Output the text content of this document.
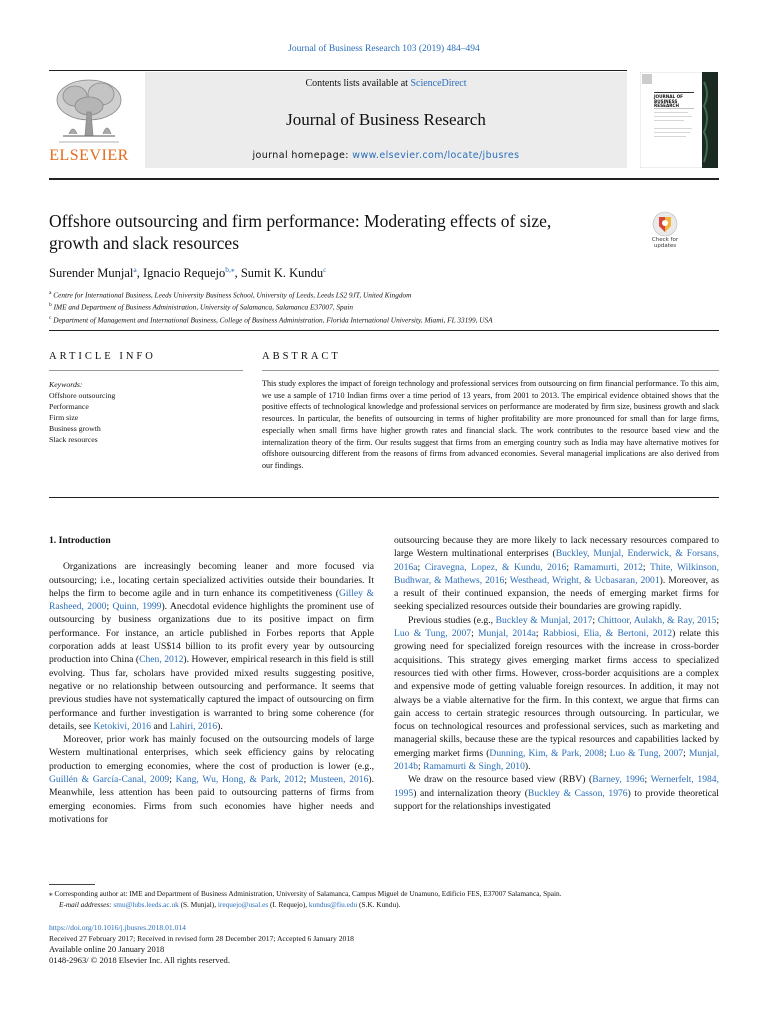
Journal of Business Research 103 (2019) 484–494
ELSEVIER
Contents lists available at ScienceDirect
Journal of Business Research
journal homepage: www.elsevier.com/locate/jbusres
JOURNAL OF BUSINESS RESEARCH
Offshore outsourcing and firm performance: Moderating effects of size,
growth and slack resources	Check for
updates
Surender Munjal$^a$, Ignacio Requejo$^{b,⁎}$, Sumit K. Kundu$^c$
$^a$ Centre for International Business, Leeds University Business School, University of Leeds, Leeds LS2 9JT, United Kingdom
$^b$ IME and Department of Business Administration, University of Salamanca, Salamanca E37007, Spain
$^c$ Department of Management and International Business, College of Business Administration, Florida International University, Miami, FL 33199, USA
ARTICLE INFO	ABSTRACT
Keywords:
Offshore outsourcing
Performance
Firm size
Business growth
Slack resources
This study explores the impact of foreign technology and professional services from outsourcing on firm financial performance. To this aim, we use a sample of 1710 Indian firms over a time period of 13 years, from 2001 to 2013. The empirical evidence obtained shows that the positive effects of technological knowledge and professional services on performance are moderated by firm size, business growth and slack resources. In particular, the benefits of outsourcing in terms of higher profitability are more pronounced for small than for large firms, especially when small firms have higher growth rates and financial slack. The work contributes to the resource based view and the internalization theory of the firm. Our results suggest that firms from an emerging country such as India may have alternative motives for offshore outsourcing different from the reasons of firms from advanced economies. Several managerial implications are also derived from our findings.
1. Introduction

Organizations are increasingly becoming leaner and more focused via outsourcing; i.e., locating certain specialized activities outside their boundaries. It helps the firm to become agile and in turn enhance its competitiveness (Gilley & Rasheed, 2000; Quinn, 1999). Anecdotal evidence highlights the prominent use of outsourcing by business organizations due to its positive impact on firm performance. For instance, an article published in Forbes reports that Apple corporation adds at least US$14 billion to its profit every year by outsourcing production into China (Chen, 2012). However, empirical research in this field is still evolving. Thus far, scholars have provided mixed results suggesting positive, negative or no relationship between outsourcing and performance. It seems that previous studies have not systematically captured the impact of outsourcing on firm performance and further investigation is warranted to bring some coherence (for details, see Ketokivi, 2016 and Lahiri, 2016).

Moreover, prior work has mainly focused on the outsourcing models of large Western multinational enterprises, which seek efficiency gains by relocating production to emerging economies, where the cost of production is lower (e.g., Guillén & García-Canal, 2009; Kang, Wu, Hong, & Park, 2012; Musteen, 2016). Meanwhile, less attention has been paid to outsourcing patterns of firms from emerging economies. Firms from such economies have higher needs and motivations for

outsourcing because they are more likely to lack necessary resources compared to large Western multinational enterprises (Buckley, Munjal, Enderwick, & Forsans, 2016a; Ciravegna, Lopez, & Kundu, 2016; Ramamurti, 2012; Thite, Wilkinson, Budhwar, & Mathews, 2016; Westhead, Wright, & Ucbasaran, 2001). Moreover, as a result of their continued expansion, the needs of emerging market firms for seeking specialized resources outside their boundaries are growing rapidly.

Previous studies (e.g., Buckley & Munjal, 2017; Chittoor, Aulakh, & Ray, 2015; Luo & Tung, 2007; Munjal, 2014a; Rabbiosi, Elia, & Bertoni, 2012) relate this growing need for specialized foreign resources with the increase in cross-border acquisitions. This strategy gives emerging market firms access to specialized resources tied with other firms. However, cross-border acquisitions are a complex and expensive mode of getting valuable foreign resources. In addition, it may not always be a viable alternative for the firm. In this context, we argue that firms can gain access to certain strategic resources through outsourcing. In particular, we focus on technological resources and professional services, such as marketing and managerial skills, because these are the typical resources and capabilities lacked by emerging market firms (Dunning, Kim, & Park, 2008; Luo & Tung, 2007; Munjal, 2014b; Ramamurti & Singh, 2010).

We draw on the resource based view (RBV) (Barney, 1996; Wernerfelt, 1984, 1995) and internalization theory (Buckley & Casson, 1976) to provide theoretical support for the relationships investigated

⁎ Corresponding author at: IME and Department of Business Administration, University of Salamanca, Campus Miguel de Unamuno, Edificio FES, E37007 Salamanca, Spain.
E-mail addresses: smu@lubs.leeds.ac.uk (S. Munjal), irequejo@usal.es (I. Requejo), kundus@fiu.edu (S.K. Kundu).
https://doi.org/10.1016/j.jbusres.2018.01.014
Received 27 February 2017; Received in revised form 28 December 2017; Accepted 6 January 2018
Available online 20 January 2018
0148-2963/ © 2018 Elsevier Inc. All rights reserved.
